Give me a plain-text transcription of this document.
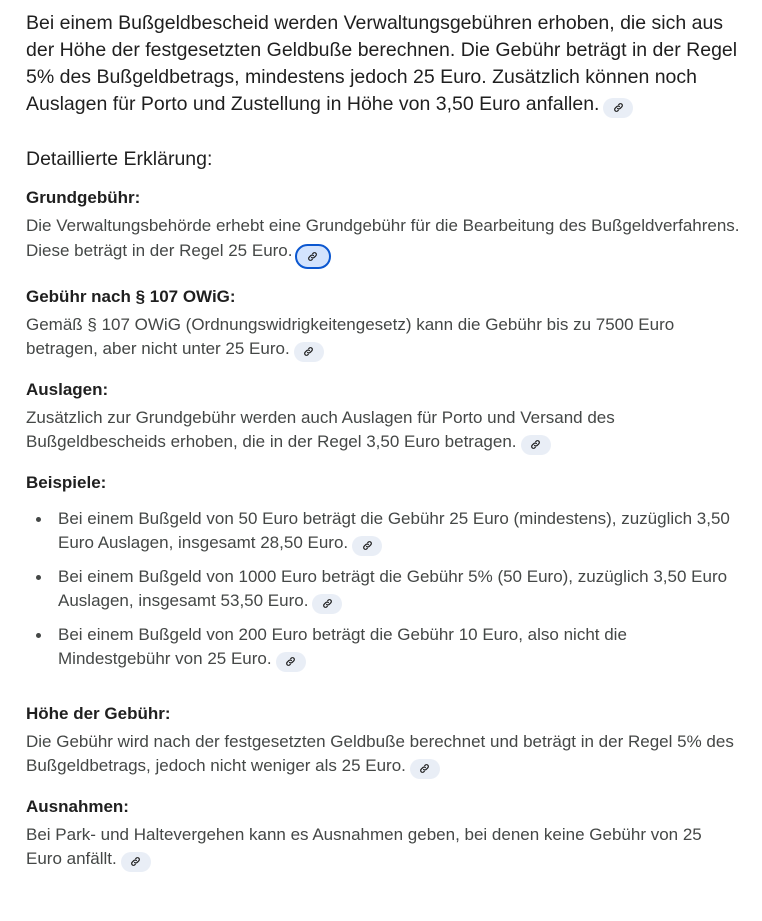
Bei einem Bußgeldbescheid werden Verwaltungsgebühren erhoben, die sich aus der Höhe der festgesetzten Geldbuße berechnen. Die Gebühr beträgt in der Regel 5% des Bußgeldbetrags, mindestens jedoch 25 Euro. Zusätzlich können noch Auslagen für Porto und Zustellung in Höhe von 3,50 Euro anfallen.

Detaillierte Erklärung:
Grundgebühr:

Die Verwaltungsbehörde erhebt eine Grundgebühr für die Bearbeitung des Bußgeldverfahrens. Diese beträgt in der Regel 25 Euro.

Gebühr nach § 107 OWiG:

Gemäß § 107 OWiG (Ordnungswidrigkeitengesetz) kann die Gebühr bis zu 7500 Euro betragen, aber nicht unter 25 Euro.

Auslagen:

Zusätzlich zur Grundgebühr werden auch Auslagen für Porto und Versand des Bußgeldbescheids erhoben, die in der Regel 3,50 Euro betragen.

Beispiele:
Bei einem Bußgeld von 50 Euro beträgt die Gebühr 25 Euro (mindestens), zuzüglich 3,50 Euro Auslagen, insgesamt 28,50 Euro.
Bei einem Bußgeld von 1000 Euro beträgt die Gebühr 5% (50 Euro), zuzüglich 3,50 Euro Auslagen, insgesamt 53,50 Euro.
Bei einem Bußgeld von 200 Euro beträgt die Gebühr 10 Euro, also nicht die Mindestgebühr von 25 Euro.
Höhe der Gebühr:

Die Gebühr wird nach der festgesetzten Geldbuße berechnet und beträgt in der Regel 5% des Bußgeldbetrags, jedoch nicht weniger als 25 Euro.

Ausnahmen:

Bei Park- und Haltevergehen kann es Ausnahmen geben, bei denen keine Gebühr von 25 Euro anfällt.
